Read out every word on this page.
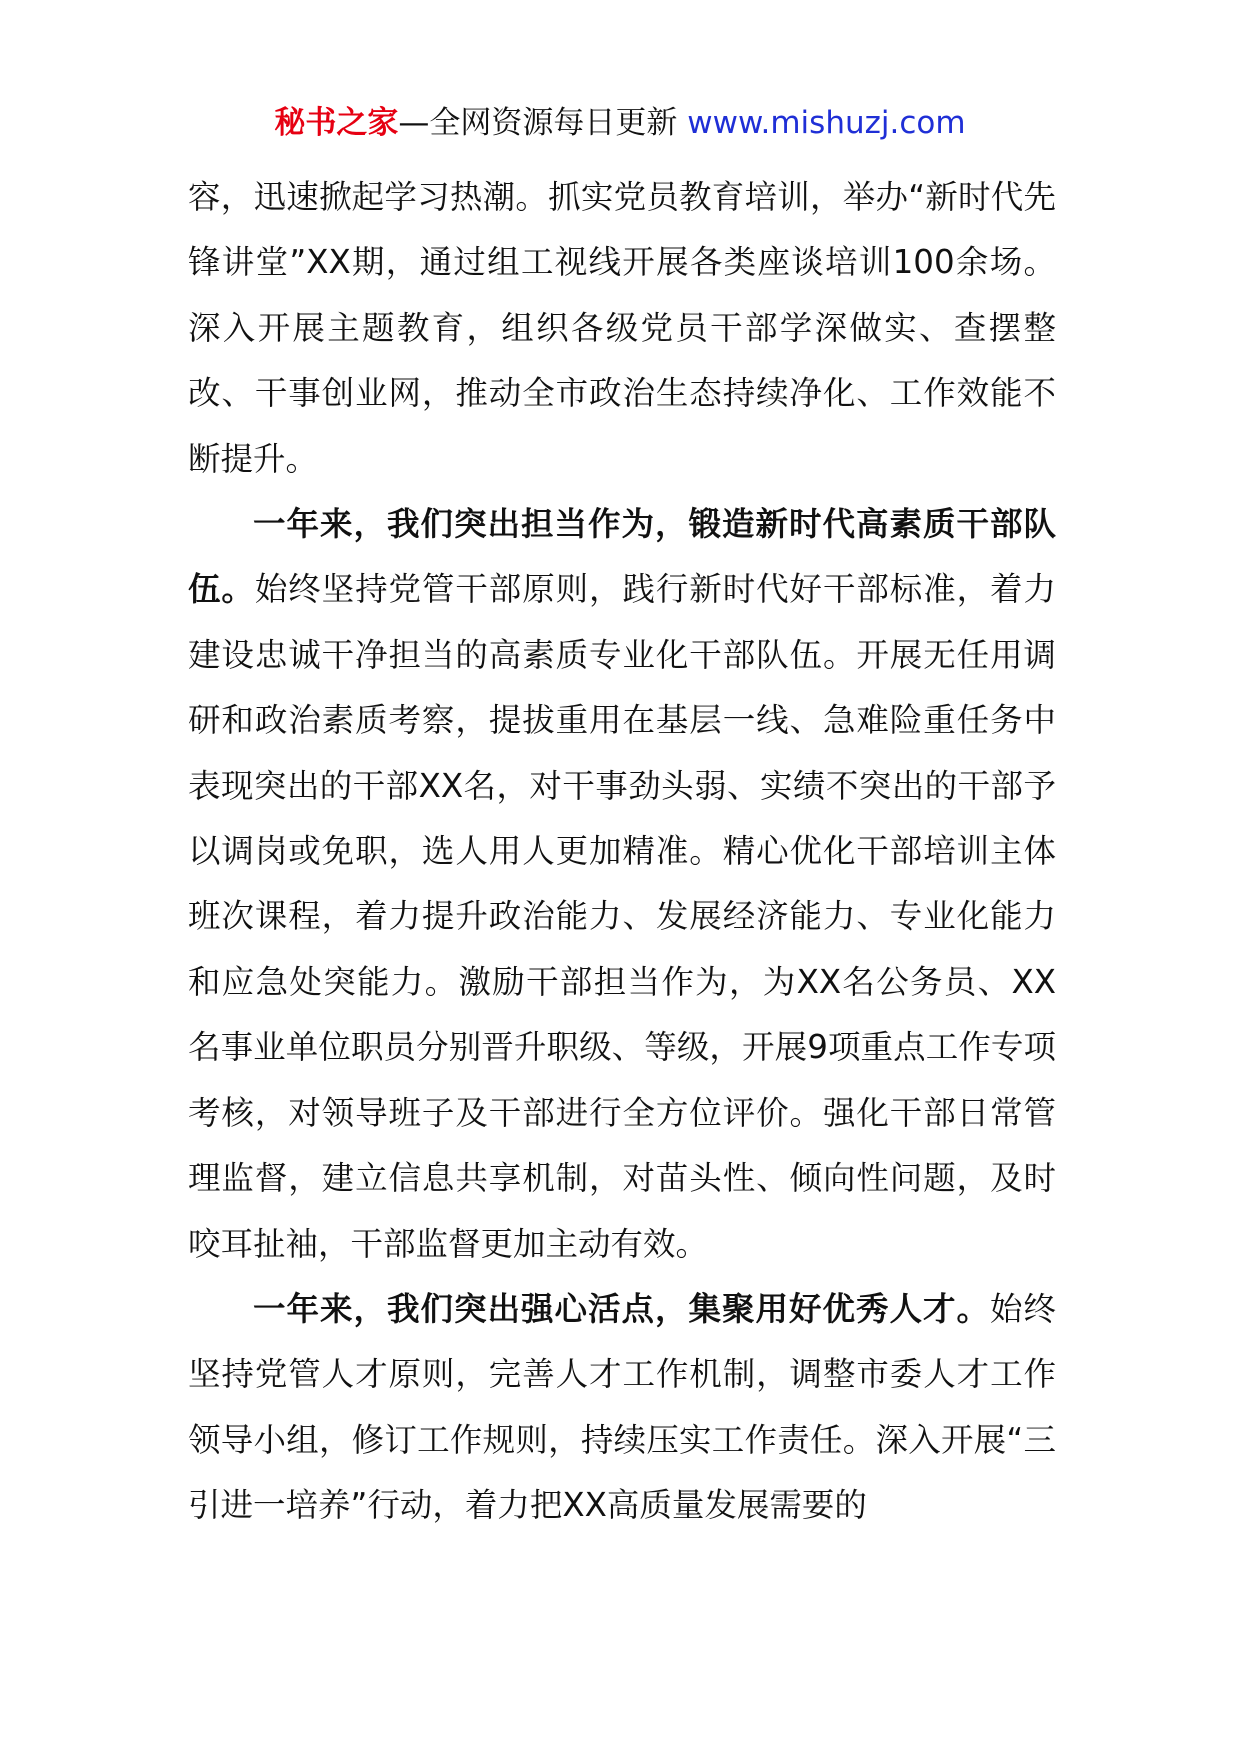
秘书之家—全网资源每日更新 www.mishuzj.com

容，迅速掀起学习热潮。抓实党员教育培训，举办“新时代先锋讲堂”XX期，通过组工视线开展各类座谈培训100余场。深入开展主题教育，组织各级党员干部学深做实、查摆整改、干事创业网，推动全市政治生态持续净化、工作效能不断提升。

一年来，我们突出担当作为，锻造新时代高素质干部队伍。始终坚持党管干部原则，践行新时代好干部标准，着力建设忠诚干净担当的高素质专业化干部队伍。开展无任用调研和政治素质考察，提拔重用在基层一线、急难险重任务中表现突出的干部XX名，对干事劲头弱、实绩不突出的干部予以调岗或免职，选人用人更加精准。精心优化干部培训主体班次课程，着力提升政治能力、发展经济能力、专业化能力和应急处突能力。激励干部担当作为，为XX名公务员、XX名事业单位职员分别晋升职级、等级，开展9项重点工作专项考核，对领导班子及干部进行全方位评价。强化干部日常管理监督，建立信息共享机制，对苗头性、倾向性问题，及时咬耳扯袖，干部监督更加主动有效。

一年来，我们突出强心活点，集聚用好优秀人才。始终坚持党管人才原则，完善人才工作机制，调整市委人才工作领导小组，修订工作规则，持续压实工作责任。深入开展“三引进一培养”行动，着力把XX高质量发展需要的
